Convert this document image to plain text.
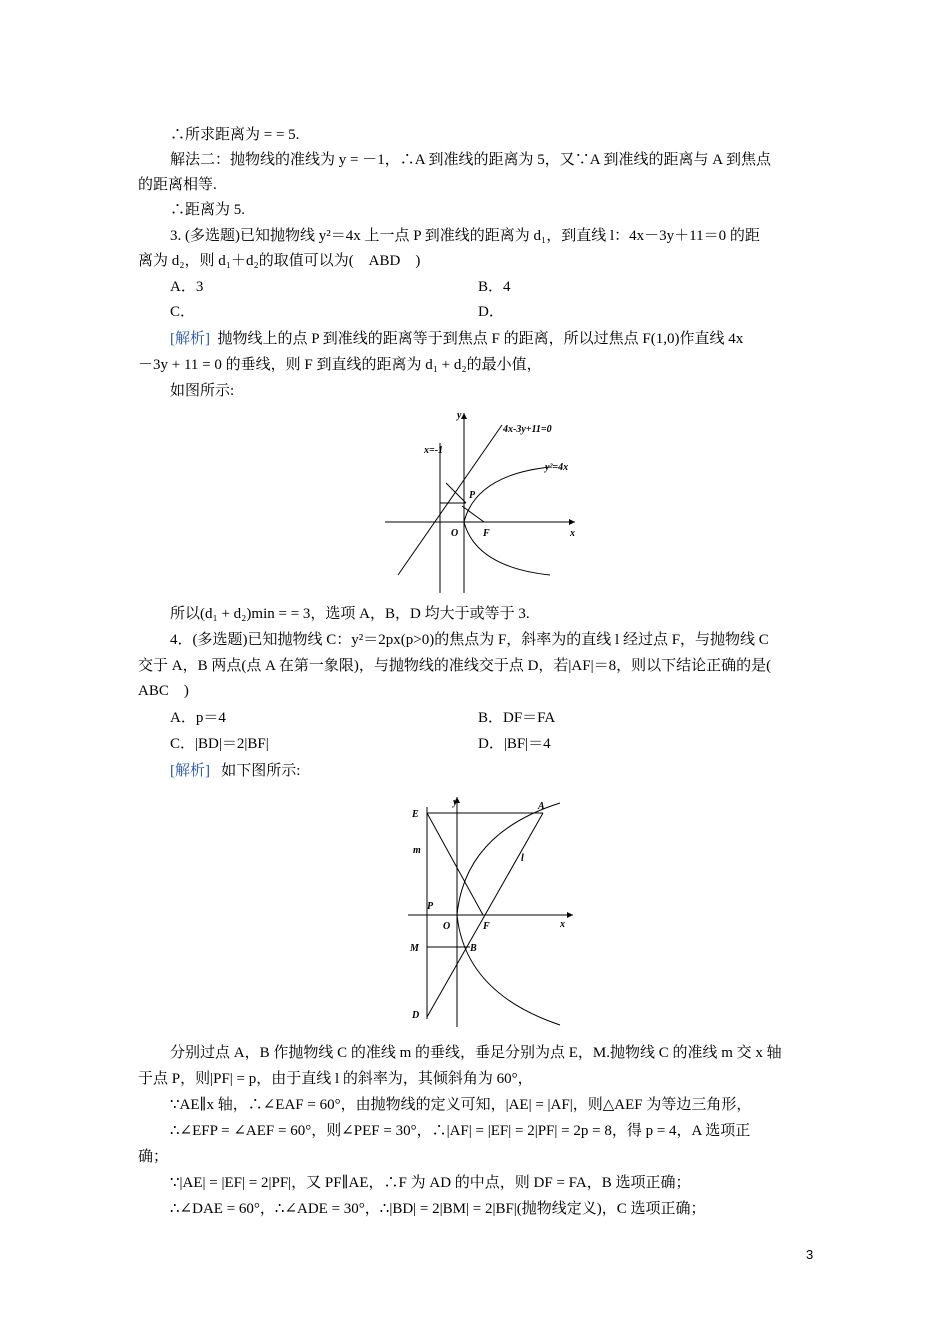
∴所求距离为 = = 5.
解法二：抛物线的准线为 y = －1，∴A 到准线的距离为 5，又∵A 到准线的距离与 A 到焦点
的距离相等.
∴距离为 5.
3. (多选题)已知抛物线 y²＝4x 上一点 P 到准线的距离为 d₁，到直线 l：4x－3y＋11＝0 的距
离为 d₂，则 d₁＋d₂的取值可以为(　ABD　)
A．3	B．4
C．	D．
[解析] 抛物线上的点 P 到准线的距离等于到焦点 F 的距离，所以过焦点 F(1,0)作直线 4x
－3y + 11 = 0 的垂线，则 F 到直线的距离为 d₁ + d₂的最小值，
如图所示:
y
x
O F
P
x=-1
4x-3y+11=0
y²=4x
所以(d₁ + d₂)min = = 3，选项 A，B，D 均大于或等于 3.
4．(多选题)已知抛物线 C：y²＝2px(p>0)的焦点为 F，斜率为的直线 l 经过点 F，与抛物线 C
交于 A，B 两点(点 A 在第一象限)，与抛物线的准线交于点 D，若|AF|＝8，则以下结论正确的是(
ABC　)
A．p＝4	B．DF＝FA
C．|BD|＝2|BF|	D．|BF|＝4
[解析] 如下图所示:
y
x
O	F
P
A
B
D
E
M
m
l
分别过点 A，B 作抛物线 C 的准线 m 的垂线，垂足分别为点 E，M.抛物线 C 的准线 m 交 x 轴
于点 P，则|PF| = p，由于直线 l 的斜率为，其倾斜角为 60°，
∵AE∥x 轴，∴∠EAF = 60°，由抛物线的定义可知，|AE| = |AF|，则△AEF 为等边三角形，
∴∠EFP = ∠AEF = 60°，则∠PEF = 30°，∴|AF| = |EF| = 2|PF| = 2p = 8，得 p = 4，A 选项正
确；
∵|AE| = |EF| = 2|PF|，又 PF∥AE，∴F 为 AD 的中点，则 DF = FA，B 选项正确；
∴∠DAE = 60°，∴∠ADE = 30°，∴|BD| = 2|BM| = 2|BF|(抛物线定义)，C 选项正确；
3
